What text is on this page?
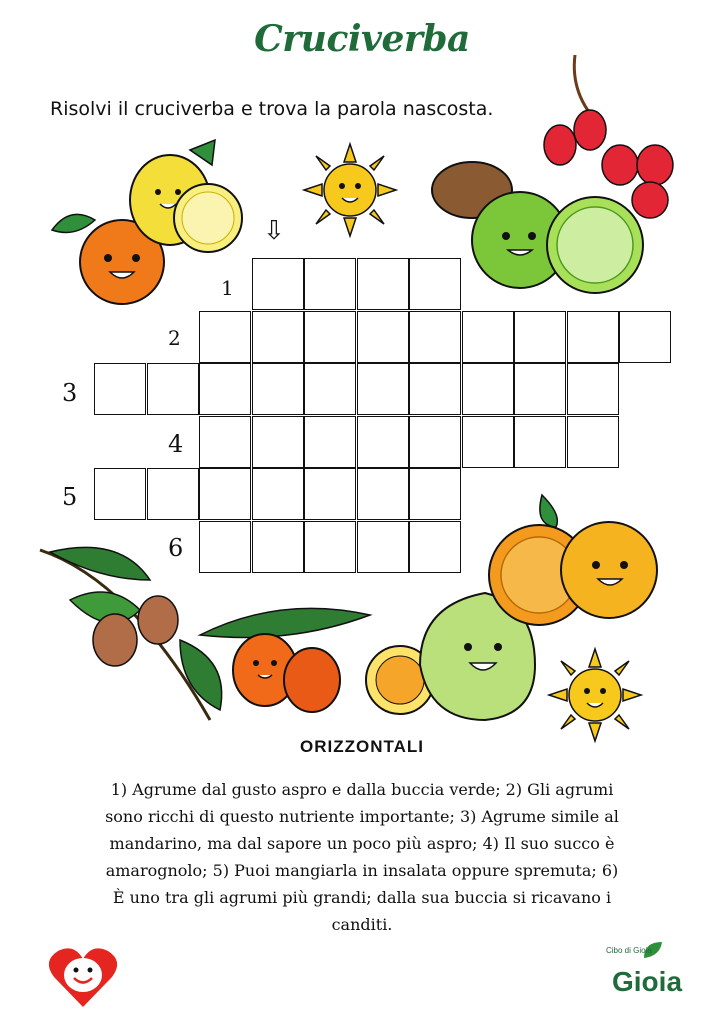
Cruciverba
Risolvi il cruciverba e trova la parola nascosta.
⇩
1
2
3
4
5
6
ORIZZONTALI
1) Agrume dal gusto aspro e dalla buccia verde; 2) Gli agrumi sono ricchi di questo nutriente importante; 3) Agrume simile al mandarino, ma dal sapore un poco più aspro; 4) Il suo succo è amarognolo; 5) Puoi mangiarla in insalata oppure spremuta; 6) È uno tra gli agrumi più grandi; dalla sua buccia si ricavano i canditi.
Cibo di Gioia
Gioia
